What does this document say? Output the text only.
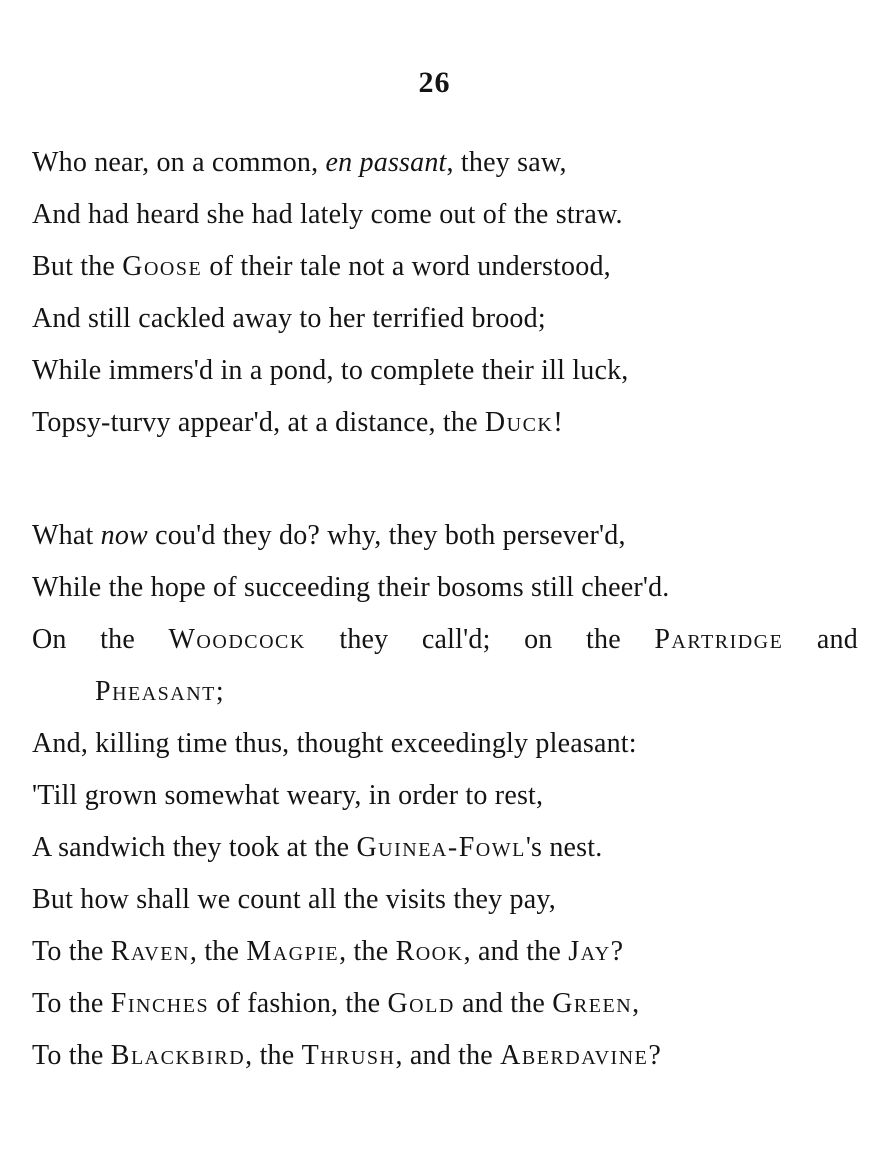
26
Who near, on a common, en passant, they saw,
And had heard she had lately come out of the straw.
But the Goose of their tale not a word understood,
And still cackled away to her terrified brood;
While immers'd in a pond, to complete their ill luck,
Topsy-turvy appear'd, at a distance, the Duck!
What now cou'd they do? why, they both persever'd,
While the hope of succeeding their bosoms still cheer'd.
On the Woodcock they call'd; on the Partridge and
Pheasant;
And, killing time thus, thought exceedingly pleasant:
'Till grown somewhat weary, in order to rest,
A sandwich they took at the Guinea-Fowl's nest.
But how shall we count all the visits they pay,
To the Raven, the Magpie, the Rook, and the Jay?
To the Finches of fashion, the Gold and the Green,
To the Blackbird, the Thrush, and the Aberdavine?
